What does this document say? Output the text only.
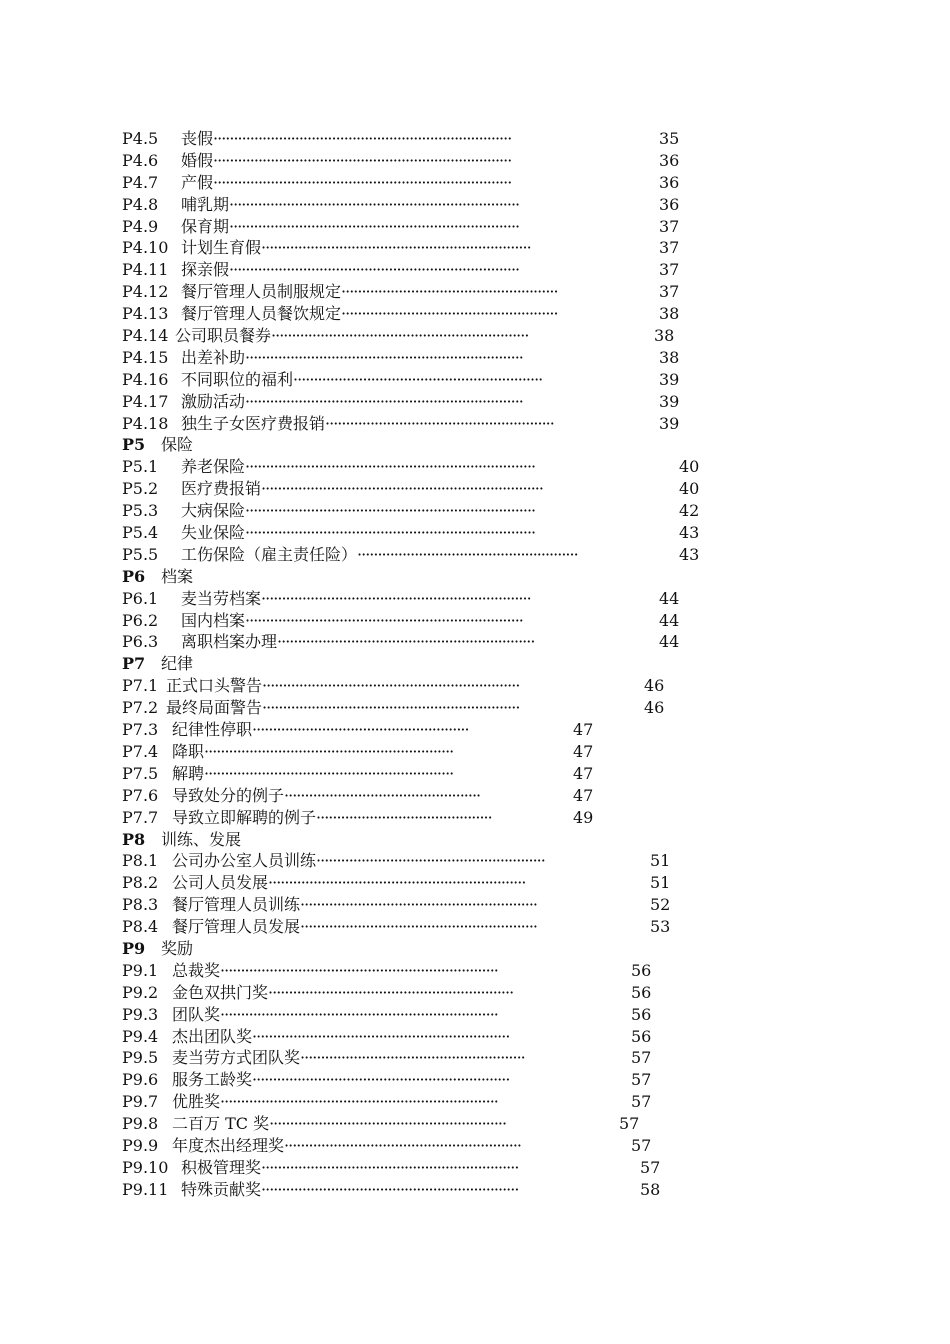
P4.5 丧假·········································································	35
P4.6 婚假·········································································	36
P4.7 产假·········································································	36
P4.8 哺乳期·······································································	36
P4.9 保育期·······································································	37
P4.10 计划生育假··································································	37
P4.11 探亲假·······································································	37
P4.12 餐厅管理人员制服规定·····················································	37
P4.13 餐厅管理人员餐饮规定·····················································	38
P4.14 公司职员餐券·······························································	38
P4.15 出差补助····································································	38
P4.16 不同职位的福利·····························································	39
P4.17 激励活动····································································	39
P4.18 独生子女医疗费报销························································	39
P5 保险
P5.1 养老保险·······································································	40
P5.2 医疗费报销·····································································	40
P5.3 大病保险·······································································	42
P5.4 失业保险·······································································	43
P5.5 工伤保险（雇主责任险）······················································	43
P6 档案
P6.1 麦当劳档案··································································	44
P6.2 国内档案····································································	44
P6.3 离职档案办理·······························································	44
P7 纪律
P7.1 正式口头警告·······························································	46
P7.2 最终局面警告·······························································	46
P7.3 纪律性停职·····················································	47
P7.4 降职·····························································	47
P7.5 解聘·····························································	47
P7.6 导致处分的例子················································	47
P7.7 导致立即解聘的例子···········································	49
P8 训练、发展
P8.1 公司办公室人员训练························································	51
P8.2 公司人员发展·······························································	51
P8.3 餐厅管理人员训练··························································	52
P8.4 餐厅管理人员发展··························································	53
P9 奖励
P9.1 总裁奖····································································	56
P9.2 金色双拱门奖····························································	56
P9.3 团队奖····································································	56
P9.4 杰出团队奖·······························································	56
P9.5 麦当劳方式团队奖·······················································	57
P9.6 服务工龄奖·······························································	57
P9.7 优胜奖····································································	57
P9.8 二百万 TC 奖··························································	57
P9.9 年度杰出经理奖··························································	57
P9.10 积极管理奖·······························································	57
P9.11 特殊贡献奖·······························································	58
